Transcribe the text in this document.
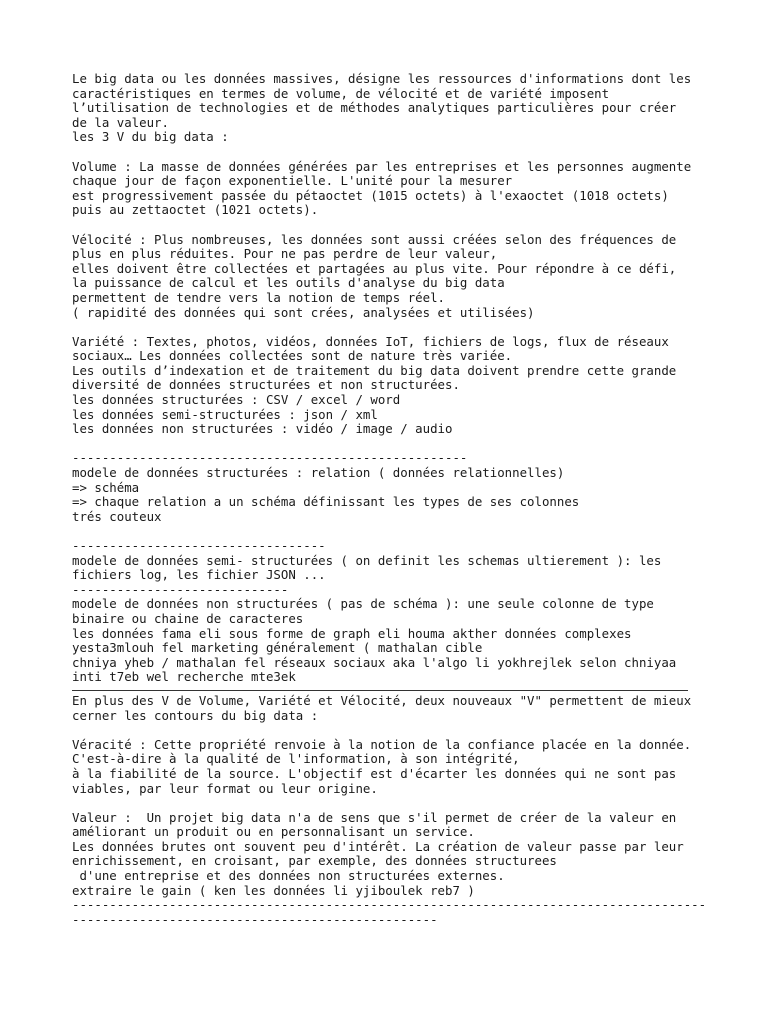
Le big data ou les données massives, désigne les ressources d'informations dont les
caractéristiques en termes de volume, de vélocité et de variété imposent
l’utilisation de technologies et de méthodes analytiques particulières pour créer
de la valeur.
les 3 V du big data :
Volume : La masse de données générées par les entreprises et les personnes augmente
chaque jour de façon exponentielle. L'unité pour la mesurer
est progressivement passée du pétaoctet (1015 octets) à l'exaoctet (1018 octets)
puis au zettaoctet (1021 octets).
Vélocité : Plus nombreuses, les données sont aussi créées selon des fréquences de
plus en plus réduites. Pour ne pas perdre de leur valeur,
elles doivent être collectées et partagées au plus vite. Pour répondre à ce défi,
la puissance de calcul et les outils d'analyse du big data
permettent de tendre vers la notion de temps réel.
( rapidité des données qui sont crées, analysées et utilisées)
Variété : Textes, photos, vidéos, données IoT, fichiers de logs, flux de réseaux
sociaux… Les données collectées sont de nature très variée.
Les outils d’indexation et de traitement du big data doivent prendre cette grande
diversité de données structurées et non structurées.
les données structurées : CSV / excel / word
les données semi-structurées : json / xml
les données non structurées : vidéo / image / audio
-----------------------------------------------------
modele de données structurées : relation ( données relationnelles)
=> schéma
=> chaque relation a un schéma définissant les types de ses colonnes
trés couteux
----------------------------------
modele de données semi- structurées ( on definit les schemas ultierement ): les
fichiers log, les fichier JSON ...
-----------------------------
modele de données non structurées ( pas de schéma ): une seule colonne de type
binaire ou chaine de caracteres
les données fama eli sous forme de graph eli houma akther données complexes
yesta3mlouh fel marketing généralement ( mathalan cible
chniya yheb / mathalan fel réseaux sociaux aka l'algo li yokhrejlek selon chniyaa
inti t7eb wel recherche mte3ek
En plus des V de Volume, Variété et Vélocité, deux nouveaux "V" permettent de mieux
cerner les contours du big data :
Véracité : Cette propriété renvoie à la notion de la confiance placée en la donnée.
C'est-à-dire à la qualité de l'information, à son intégrité,
à la fiabilité de la source. L'objectif est d'écarter les données qui ne sont pas
viables, par leur format ou leur origine.
Valeur :  Un projet big data n'a de sens que s'il permet de créer de la valeur en
améliorant un produit ou en personnalisant un service.
Les données brutes ont souvent peu d'intérêt. La création de valeur passe par leur
enrichissement, en croisant, par exemple, des données structurees
d'une entreprise et des données non structurées externes.
extraire le gain ( ken les données li yjiboulek reb7 )
-------------------------------------------------------------------------------------
-------------------------------------------------
